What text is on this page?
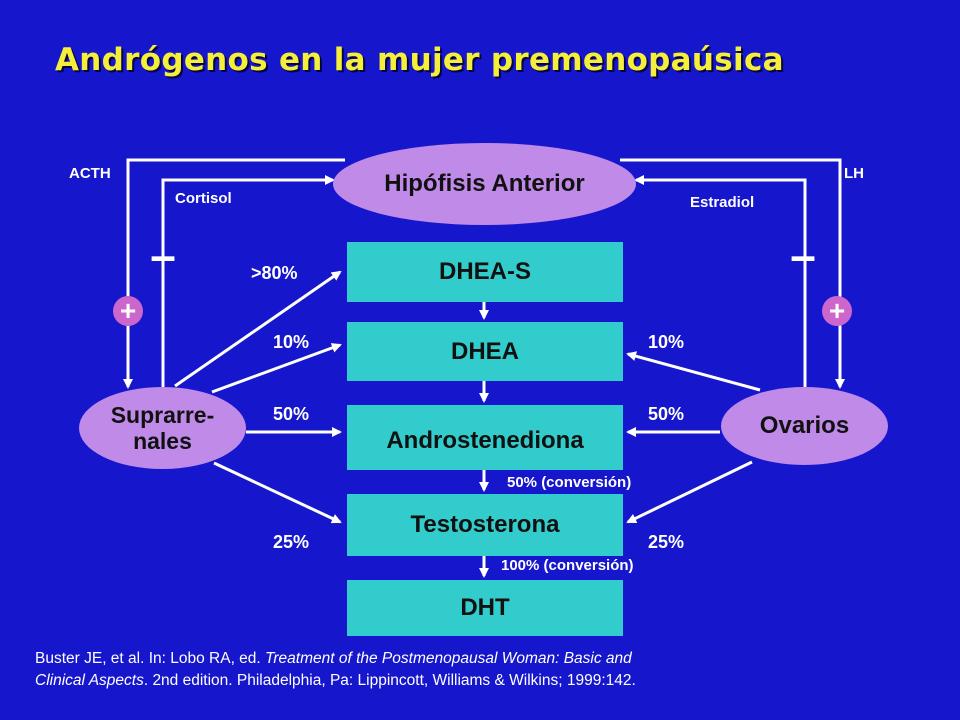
Andrógenos en la mujer premenopaúsica
Hipófisis Anterior
DHEA-S
DHEA
Androstenediona
Testosterona
DHT
Suprarre-
nales
Ovarios
ACTH	LH
Cortisol	Estradiol
–	–
+	+
>80%
10%
50%
25%
10%
50%
25%
50% (conversión)
100% (conversión)
Buster JE, et al. In: Lobo RA, ed. Treatment of the Postmenopausal Woman: Basic and
Clinical Aspects. 2nd edition. Philadelphia, Pa: Lippincott, Williams & Wilkins; 1999:142.
